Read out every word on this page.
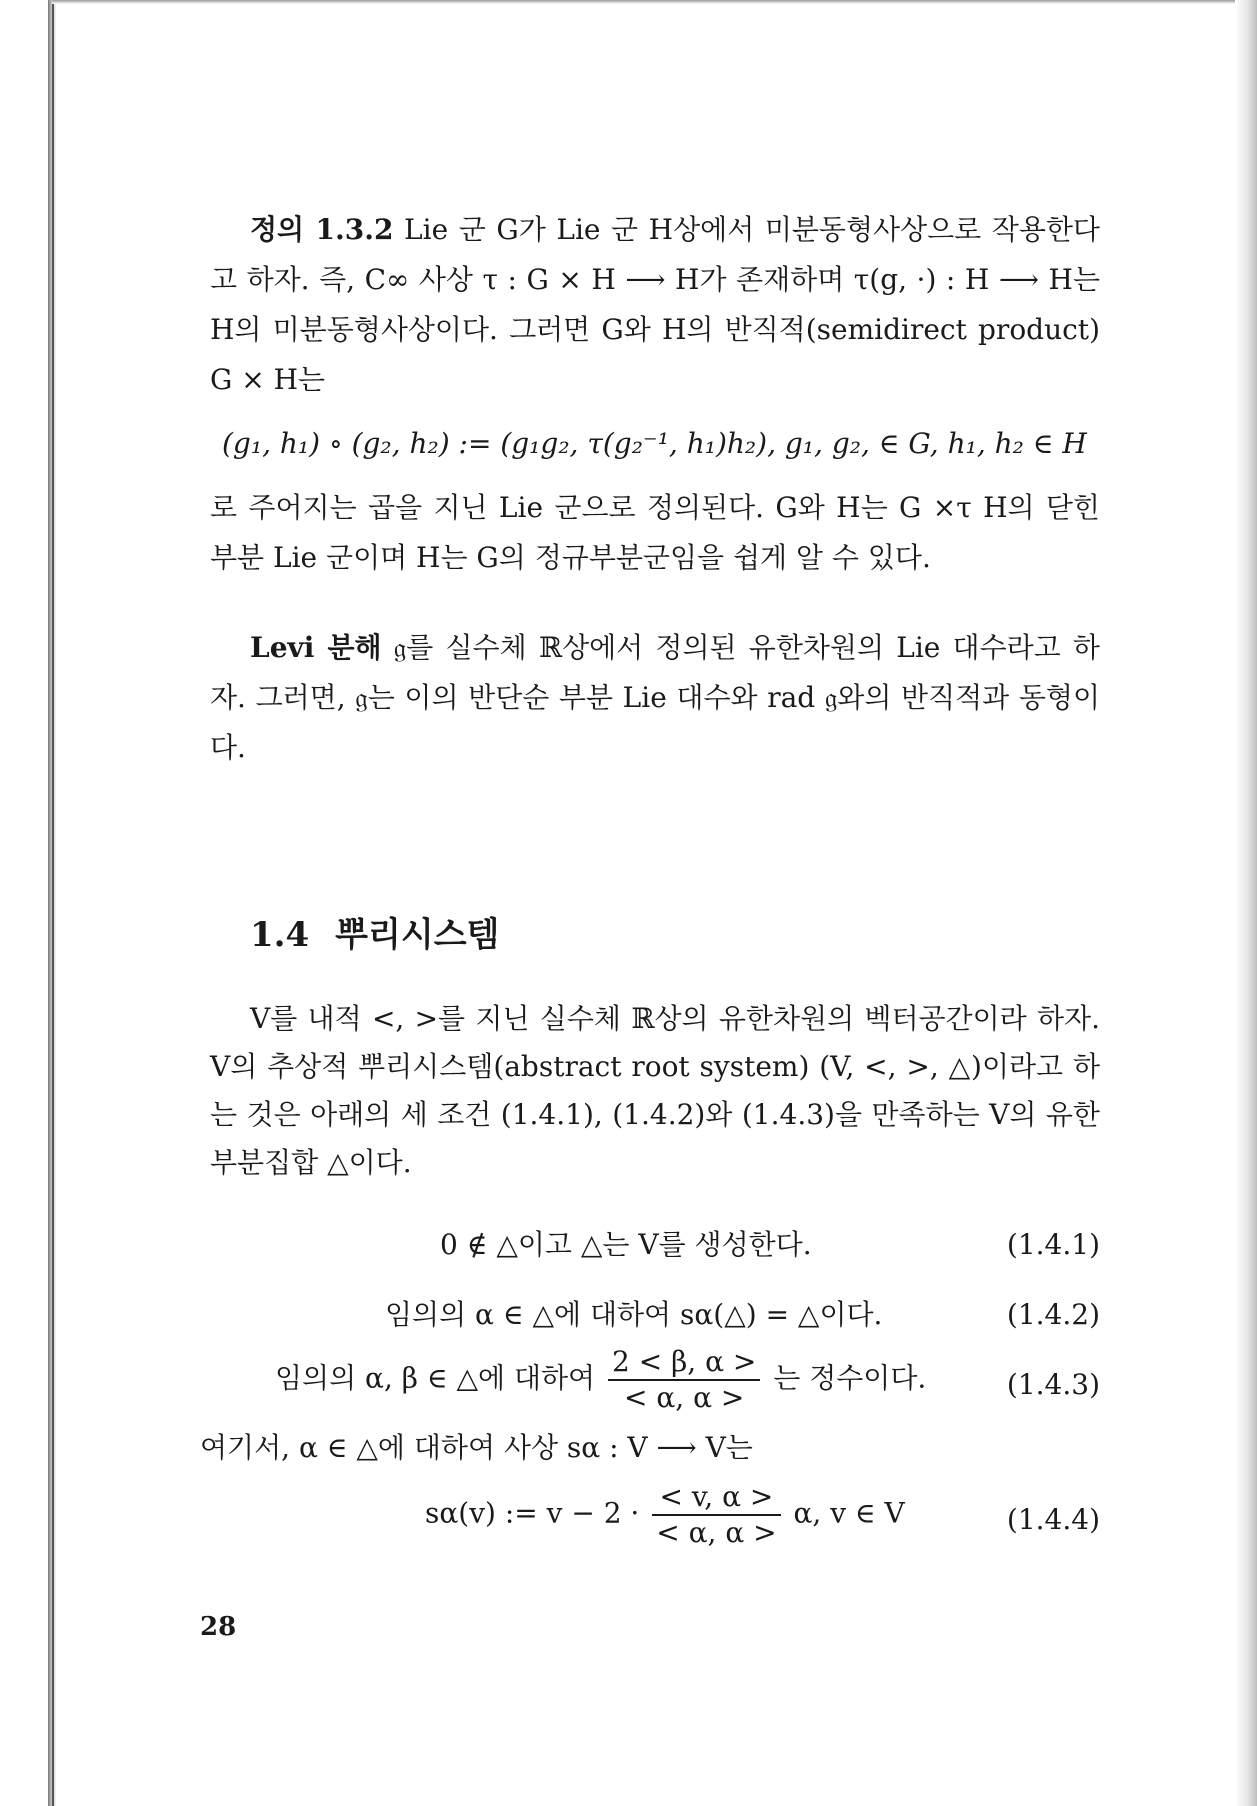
정의 1.3.2 Lie 군 G가 Lie 군 H상에서 미분동형사상으로 작용한다고 하자. 즉, C∞ 사상 τ : G × H ⟶ H가 존재하며 τ(g, ·) : H ⟶ H는 H의 미분동형사상이다. 그러면 G와 H의 반직적(semidirect product) G × H는

(g₁, h₁) ∘ (g₂, h₂) := (g₁g₂, τ(g₂⁻¹, h₁)h₂), g₁, g₂, ∈ G, h₁, h₂ ∈ H

로 주어지는 곱을 지닌 Lie 군으로 정의된다. G와 H는 G ×τ H의 닫힌 부분 Lie 군이며 H는 G의 정규부분군임을 쉽게 알 수 있다.

Levi 분해 𝔤를 실수체 ℝ상에서 정의된 유한차원의 Lie 대수라고 하자. 그러면, 𝔤는 이의 반단순 부분 Lie 대수와 rad 𝔤와의 반직적과 동형이다.

1.4 뿌리시스템

V를 내적 <, >를 지닌 실수체 ℝ상의 유한차원의 벡터공간이라 하자. V의 추상적 뿌리시스템(abstract root system) (V, <, >, △)이라고 하는 것은 아래의 세 조건 (1.4.1), (1.4.2)와 (1.4.3)을 만족하는 V의 유한부분집합 △이다.

0 ∉ △이고 △는 V를 생성한다.	(1.4.1)
임의의 α ∈ △에 대하여 sα(△) = △이다.	(1.4.2)
임의의 α, β ∈ △에 대하여 $\frac{2 < \beta, \alpha >}{< \alpha, \alpha >}$ 는 정수이다.	(1.4.3)
여기서, α ∈ △에 대하여 사상 sα : V ⟶ V는
sα(v) := $v - 2 \cdot \frac{< v, \alpha >}{< \alpha, \alpha >} \alpha$, v ∈ V	(1.4.4)
28
